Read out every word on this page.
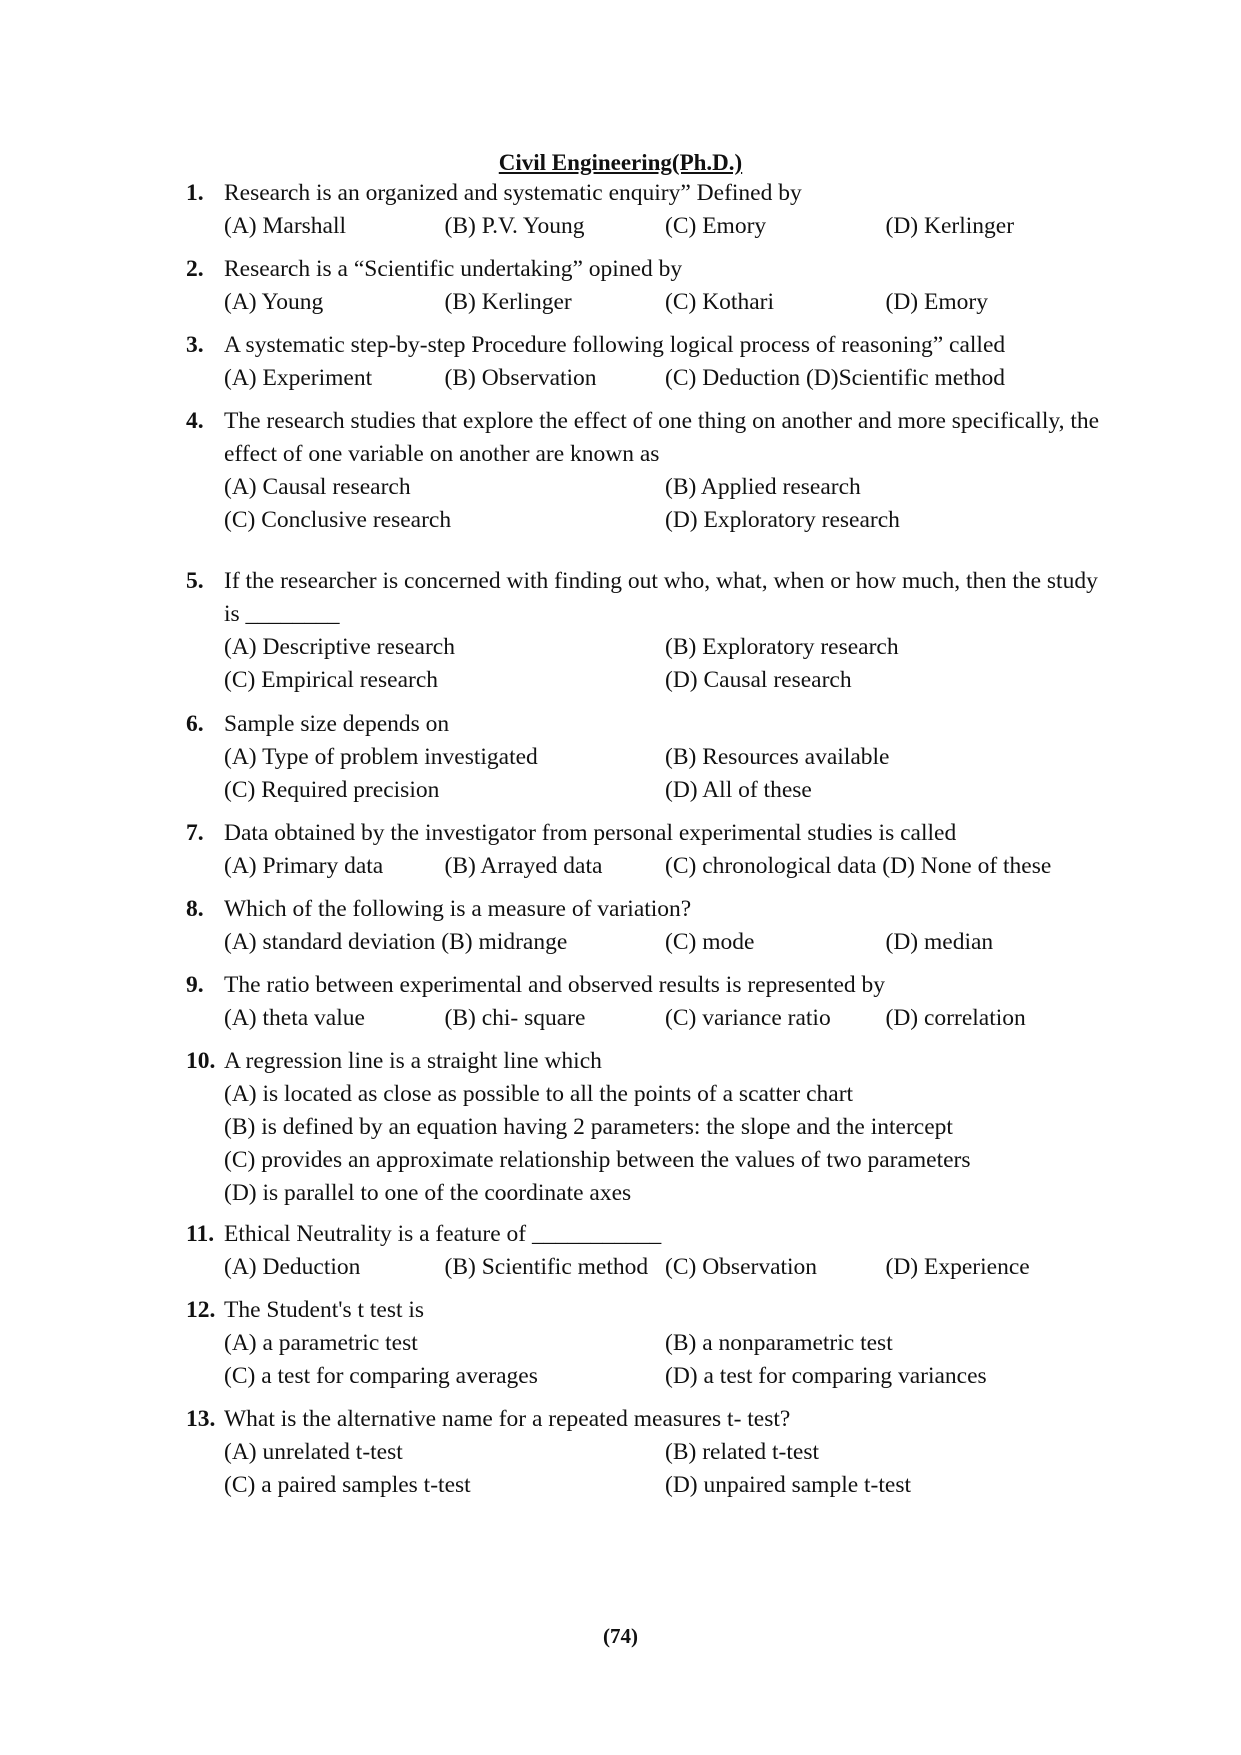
Civil Engineering(Ph.D.)
1. Research is an organized and systematic enquiry” Defined by
(A) Marshall	(B) P.V. Young	(C) Emory	(D) Kerlinger
2. Research is a “Scientific undertaking” opined by
(A) Young	(B) Kerlinger	(C) Kothari	(D) Emory
3. A systematic step-by-step Procedure following logical process of reasoning” called
(A) Experiment	(B) Observation	(C) Deduction (D)Scientific method
4. The research studies that explore the effect of one thing on another and more specifically, the effect of one variable on another are known as
(A) Causal research	(B) Applied research
(C) Conclusive research	(D) Exploratory research
5. If the researcher is concerned with finding out who, what, when or how much, then the study is ________
(A) Descriptive research	(B) Exploratory research
(C) Empirical research	(D) Causal research
6. Sample size depends on
(A) Type of problem investigated	(B) Resources available
(C) Required precision	(D) All of these
7. Data obtained by the investigator from personal experimental studies is called
(A) Primary data	(B) Arrayed data	(C) chronological data (D) None of these
8. Which of the following is a measure of variation?
(A) standard deviation (B) midrange	(C) mode	(D) median
9. The ratio between experimental and observed results is represented by
(A) theta value	(B) chi- square	(C) variance ratio	(D) correlation
10. A regression line is a straight line which
(A) is located as close as possible to all the points of a scatter chart
(B) is defined by an equation having 2 parameters: the slope and the intercept
(C) provides an approximate relationship between the values of two parameters
(D) is parallel to one of the coordinate axes
11. Ethical Neutrality is a feature of ___________
(A) Deduction	(B) Scientific method (C) Observation	(D) Experience
12. The Student's t test is
(A) a parametric test	(B) a nonparametric test
(C) a test for comparing averages	(D) a test for comparing variances
13. What is the alternative name for a repeated measures t- test?
(A) unrelated t-test	(B) related t-test
(C) a paired samples t-test	(D) unpaired sample t-test
(74)
